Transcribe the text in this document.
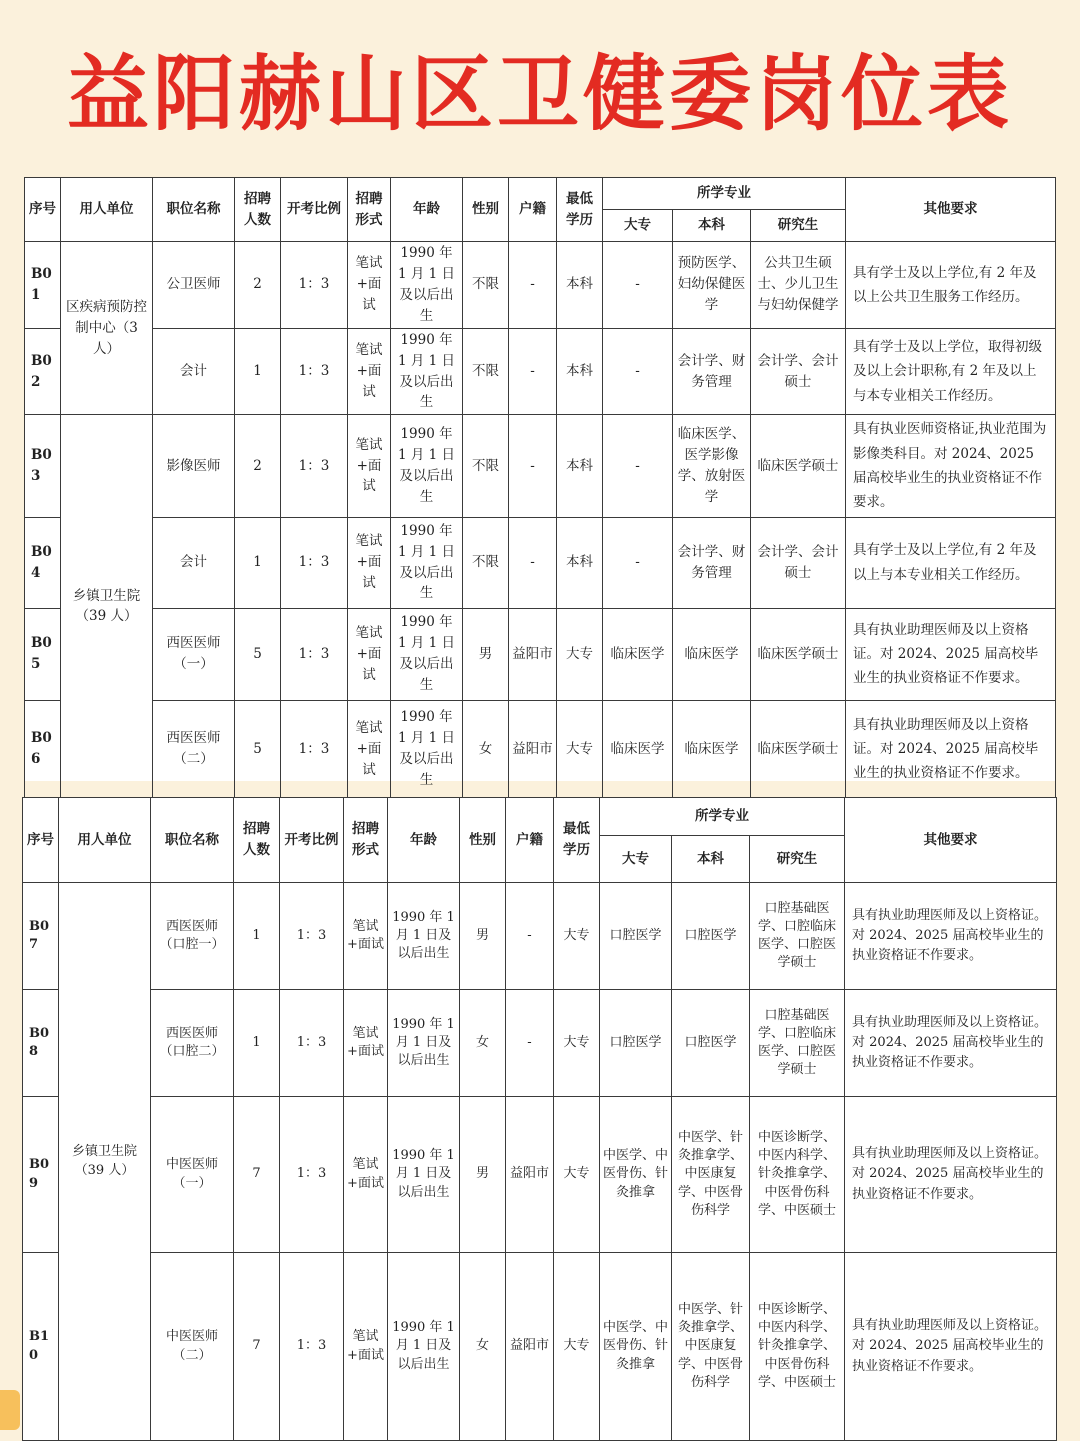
益阳赫山区卫健委岗位表
序号	用人单位	职位名称	招聘人数	开考比例	招聘形式	年龄	性别	户籍	最低学历	所学专业			其他要求
										大专	本科	研究生	
B01	区疾病预防控制中心（3 人）	公卫医师	2	1：3	笔试+面试	1990 年 1 月 1 日及以后出生	不限	-	本科	-	预防医学、妇幼保健医学	公共卫生硕士、少儿卫生与妇幼保健学	具有学士及以上学位,有 2 年及以上公共卫生服务工作经历。
B02		会计	1	1：3	笔试+面试	1990 年 1 月 1 日及以后出生	不限	-	本科	-	会计学、财务管理	会计学、会计硕士	具有学士及以上学位，取得初级及以上会计职称,有 2 年及以上与本专业相关工作经历。
B03	乡镇卫生院（39 人）	影像医师	2	1：3	笔试+面试	1990 年 1 月 1 日及以后出生	不限	-	本科	-	临床医学、医学影像学、放射医学	临床医学硕士	具有执业医师资格证,执业范围为影像类科目。对 2024、2025 届高校毕业生的执业资格证不作要求。
B04		会计	1	1：3	笔试+面试	1990 年 1 月 1 日及以后出生	不限	-	本科	-	会计学、财务管理	会计学、会计硕士	具有学士及以上学位,有 2 年及以上与本专业相关工作经历。
B05		西医医师（一）	5	1：3	笔试+面试	1990 年 1 月 1 日及以后出生	男	益阳市	大专	临床医学	临床医学	临床医学硕士	具有执业助理医师及以上资格证。对 2024、2025 届高校毕业生的执业资格证不作要求。
B06		西医医师（二）	5	1：3	笔试+面试	1990 年 1 月 1 日及以后出生	女	益阳市	大专	临床医学	临床医学	临床医学硕士	具有执业助理医师及以上资格证。对 2024、2025 届高校毕业生的执业资格证不作要求。
序号	用人单位	职位名称	招聘人数	开考比例	招聘形式	年龄	性别	户籍	最低学历	所学专业			其他要求
										大专	本科	研究生	
B07	乡镇卫生院（39 人）	西医医师（口腔一）	1	1：3	笔试+面试	1990 年 1 月 1 日及以后出生	男	-	大专	口腔医学	口腔医学	口腔基础医学、口腔临床医学、口腔医学硕士	具有执业助理医师及以上资格证。对 2024、2025 届高校毕业生的执业资格证不作要求。
B08		西医医师（口腔二）	1	1：3	笔试+面试	1990 年 1 月 1 日及以后出生	女	-	大专	口腔医学	口腔医学	口腔基础医学、口腔临床医学、口腔医学硕士	具有执业助理医师及以上资格证。对 2024、2025 届高校毕业生的执业资格证不作要求。
B09		中医医师（一）	7	1：3	笔试+面试	1990 年 1 月 1 日及以后出生	男	益阳市	大专	中医学、中医骨伤、针灸推拿	中医学、针灸推拿学、中医康复学、中医骨伤科学	中医诊断学、中医内科学、针灸推拿学、中医骨伤科学、中医硕士	具有执业助理医师及以上资格证。对 2024、2025 届高校毕业生的执业资格证不作要求。
B10		中医医师（二）	7	1：3	笔试+面试	1990 年 1 月 1 日及以后出生	女	益阳市	大专	中医学、中医骨伤、针灸推拿	中医学、针灸推拿学、中医康复学、中医骨伤科学	中医诊断学、中医内科学、针灸推拿学、中医骨伤科学、中医硕士	具有执业助理医师及以上资格证。对 2024、2025 届高校毕业生的执业资格证不作要求。
